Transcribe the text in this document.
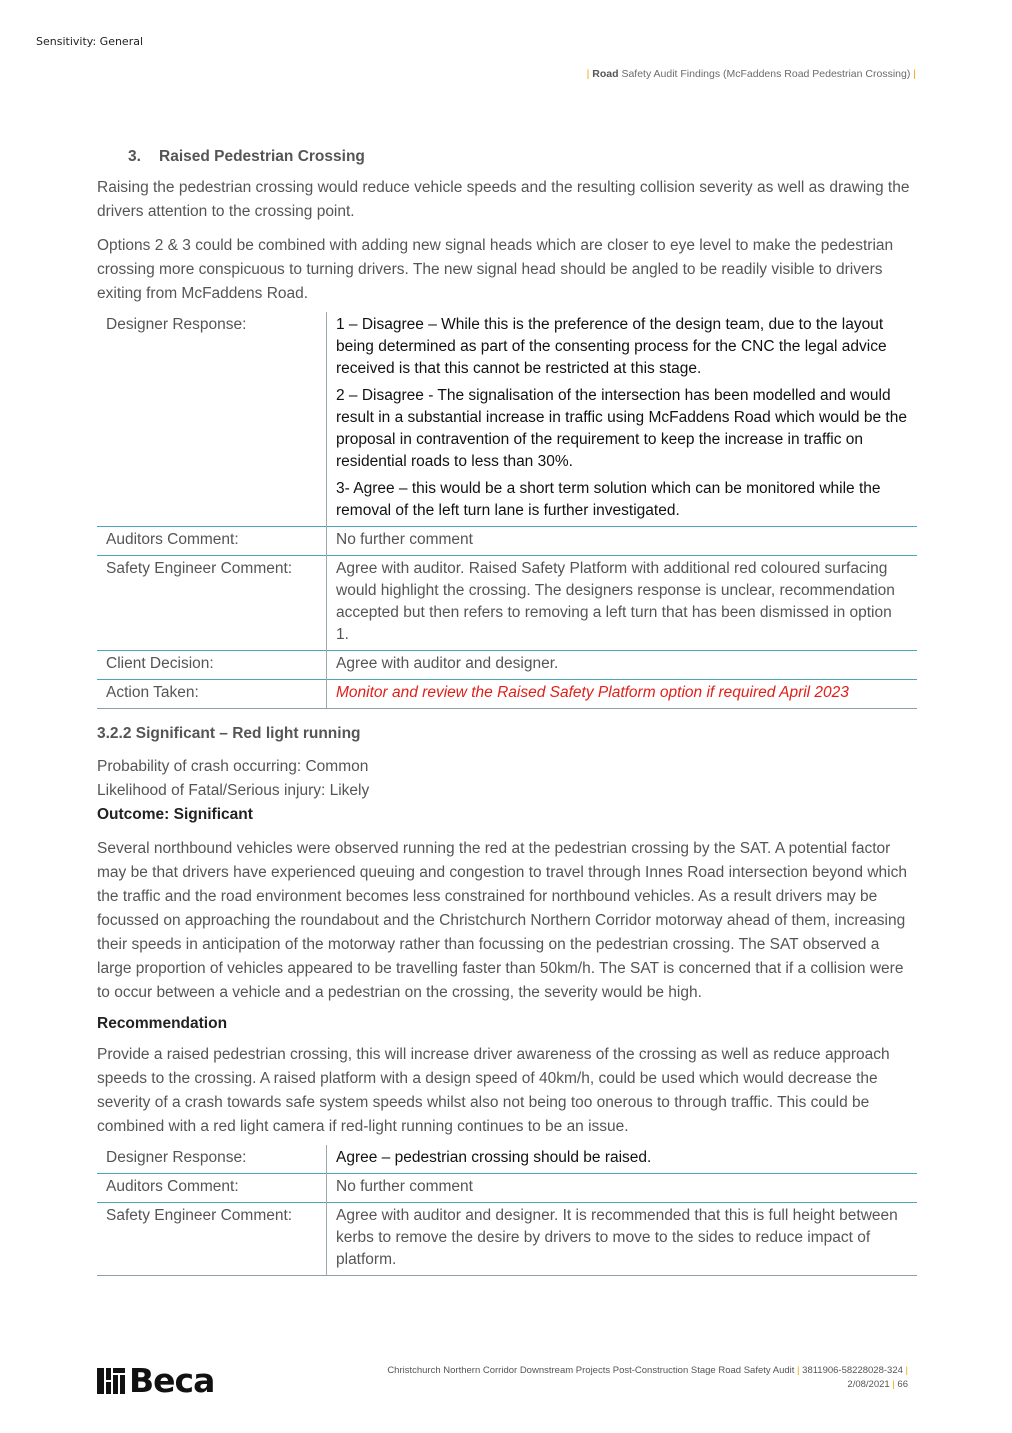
Sensitivity: General
| Road Safety Audit Findings (McFaddens Road Pedestrian Crossing) |
3. Raised Pedestrian Crossing

Raising the pedestrian crossing would reduce vehicle speeds and the resulting collision severity as well as drawing the drivers attention to the crossing point.

Options 2 & 3 could be combined with adding new signal heads which are closer to eye level to make the pedestrian crossing more conspicuous to turning drivers. The new signal head should be angled to be readily visible to drivers exiting from McFaddens Road.

Designer Response:	1 – Disagree – While this is the preference of the design team, due to the layout being determined as part of the consenting process for the CNC the legal advice received is that this cannot be restricted at this stage.
2 – Disagree - The signalisation of the intersection has been modelled and would result in a substantial increase in traffic using McFaddens Road which would be the proposal in contravention of the requirement to keep the increase in traffic on residential roads to less than 30%.
3- Agree – this would be a short term solution which can be monitored while the removal of the left turn lane is further investigated.

Auditors Comment:	No further comment
Safety Engineer Comment:	Agree with auditor. Raised Safety Platform with additional red coloured surfacing would highlight the crossing. The designers response is unclear, recommendation accepted but then refers to removing a left turn that has been dismissed in option 1.
Client Decision:	Agree with auditor and designer.
Action Taken:	Monitor and review the Raised Safety Platform option if required April 2023
3.2.2 Significant – Red light running

Probability of crash occurring: Common

Likelihood of Fatal/Serious injury: Likely

Outcome: Significant

Several northbound vehicles were observed running the red at the pedestrian crossing by the SAT. A potential factor may be that drivers have experienced queuing and congestion to travel through Innes Road intersection beyond which the traffic and the road environment becomes less constrained for northbound vehicles. As a result drivers may be focussed on approaching the roundabout and the Christchurch Northern Corridor motorway ahead of them, increasing their speeds in anticipation of the motorway rather than focussing on the pedestrian crossing. The SAT observed a large proportion of vehicles appeared to be travelling faster than 50km/h. The SAT is concerned that if a collision were to occur between a vehicle and a pedestrian on the crossing, the severity would be high.

Recommendation

Provide a raised pedestrian crossing, this will increase driver awareness of the crossing as well as reduce approach speeds to the crossing. A raised platform with a design speed of 40km/h, could be used which would decrease the severity of a crash towards safe system speeds whilst also not being too onerous to through traffic. This could be combined with a red light camera if red-light running continues to be an issue.

Designer Response:	Agree – pedestrian crossing should be raised.
Auditors Comment:	No further comment
Safety Engineer Comment:	Agree with auditor and designer. It is recommended that this is full height between kerbs to remove the desire by drivers to move to the sides to reduce impact of platform.
Beca	Christchurch Northern Corridor Downstream Projects Post-Construction Stage Road Safety Audit | 3811906-58228028-324 |
2/08/2021 | 66
